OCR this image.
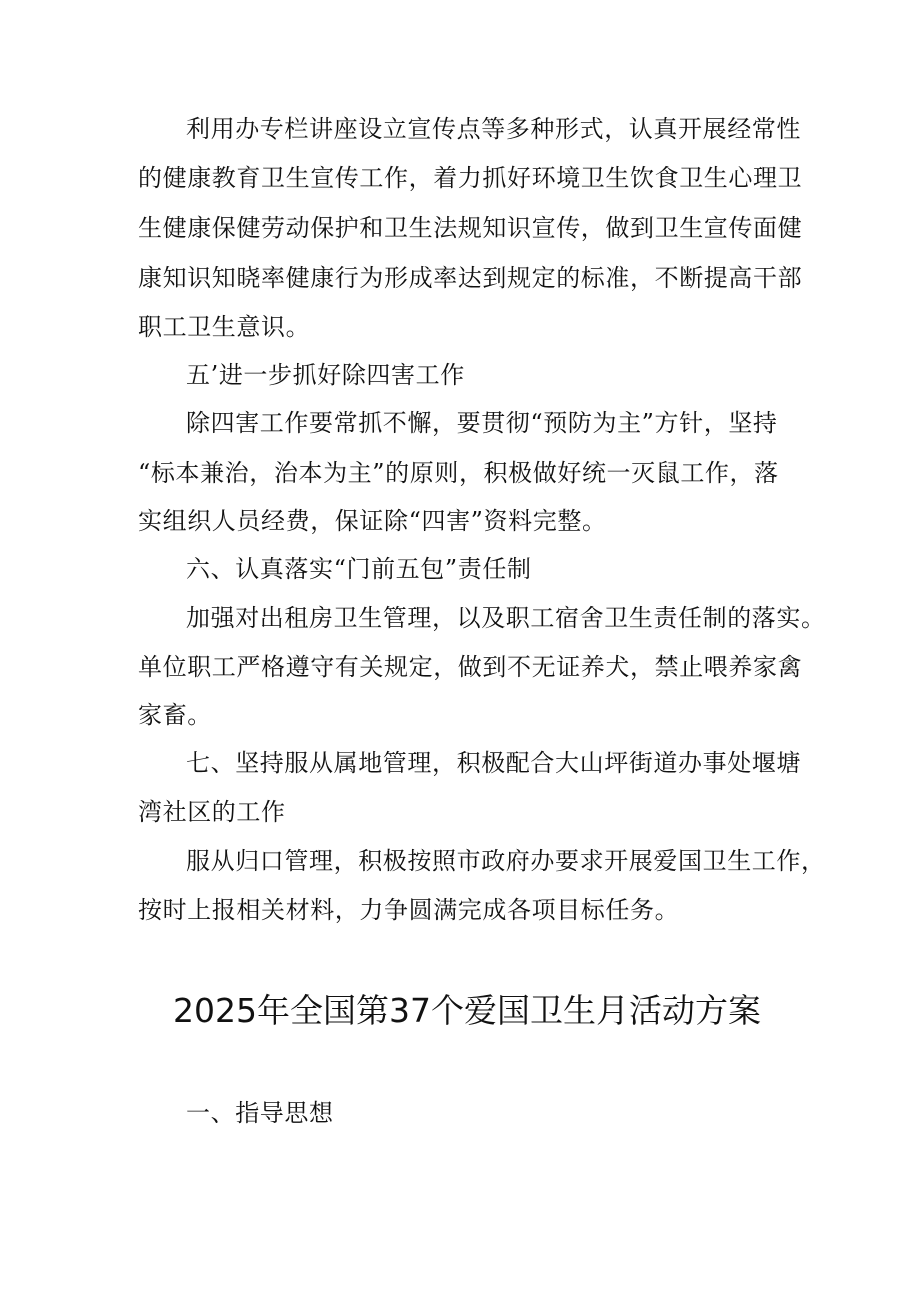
利用办专栏讲座设立宣传点等多种形式，认真开展经常性
的健康教育卫生宣传工作，着力抓好环境卫生饮食卫生心理卫
生健康保健劳动保护和卫生法规知识宣传，做到卫生宣传面健
康知识知晓率健康行为形成率达到规定的标准，不断提高干部
职工卫生意识。
五’进一步抓好除四害工作
除四害工作要常抓不懈，要贯彻“预防为主”方针，坚持
“标本兼治，治本为主”的原则，积极做好统一灭鼠工作，落
实组织人员经费，保证除“四害”资料完整。
六、认真落实“门前五包”责任制
加强对出租房卫生管理，以及职工宿舍卫生责任制的落实。
单位职工严格遵守有关规定，做到不无证养犬，禁止喂养家禽
家畜。
七、坚持服从属地管理，积极配合大山坪街道办事处堰塘
湾社区的工作
服从归口管理，积极按照市政府办要求开展爱国卫生工作，
按时上报相关材料，力争圆满完成各项目标任务。
2025年全国第37个爱国卫生月活动方案
一、指导思想
